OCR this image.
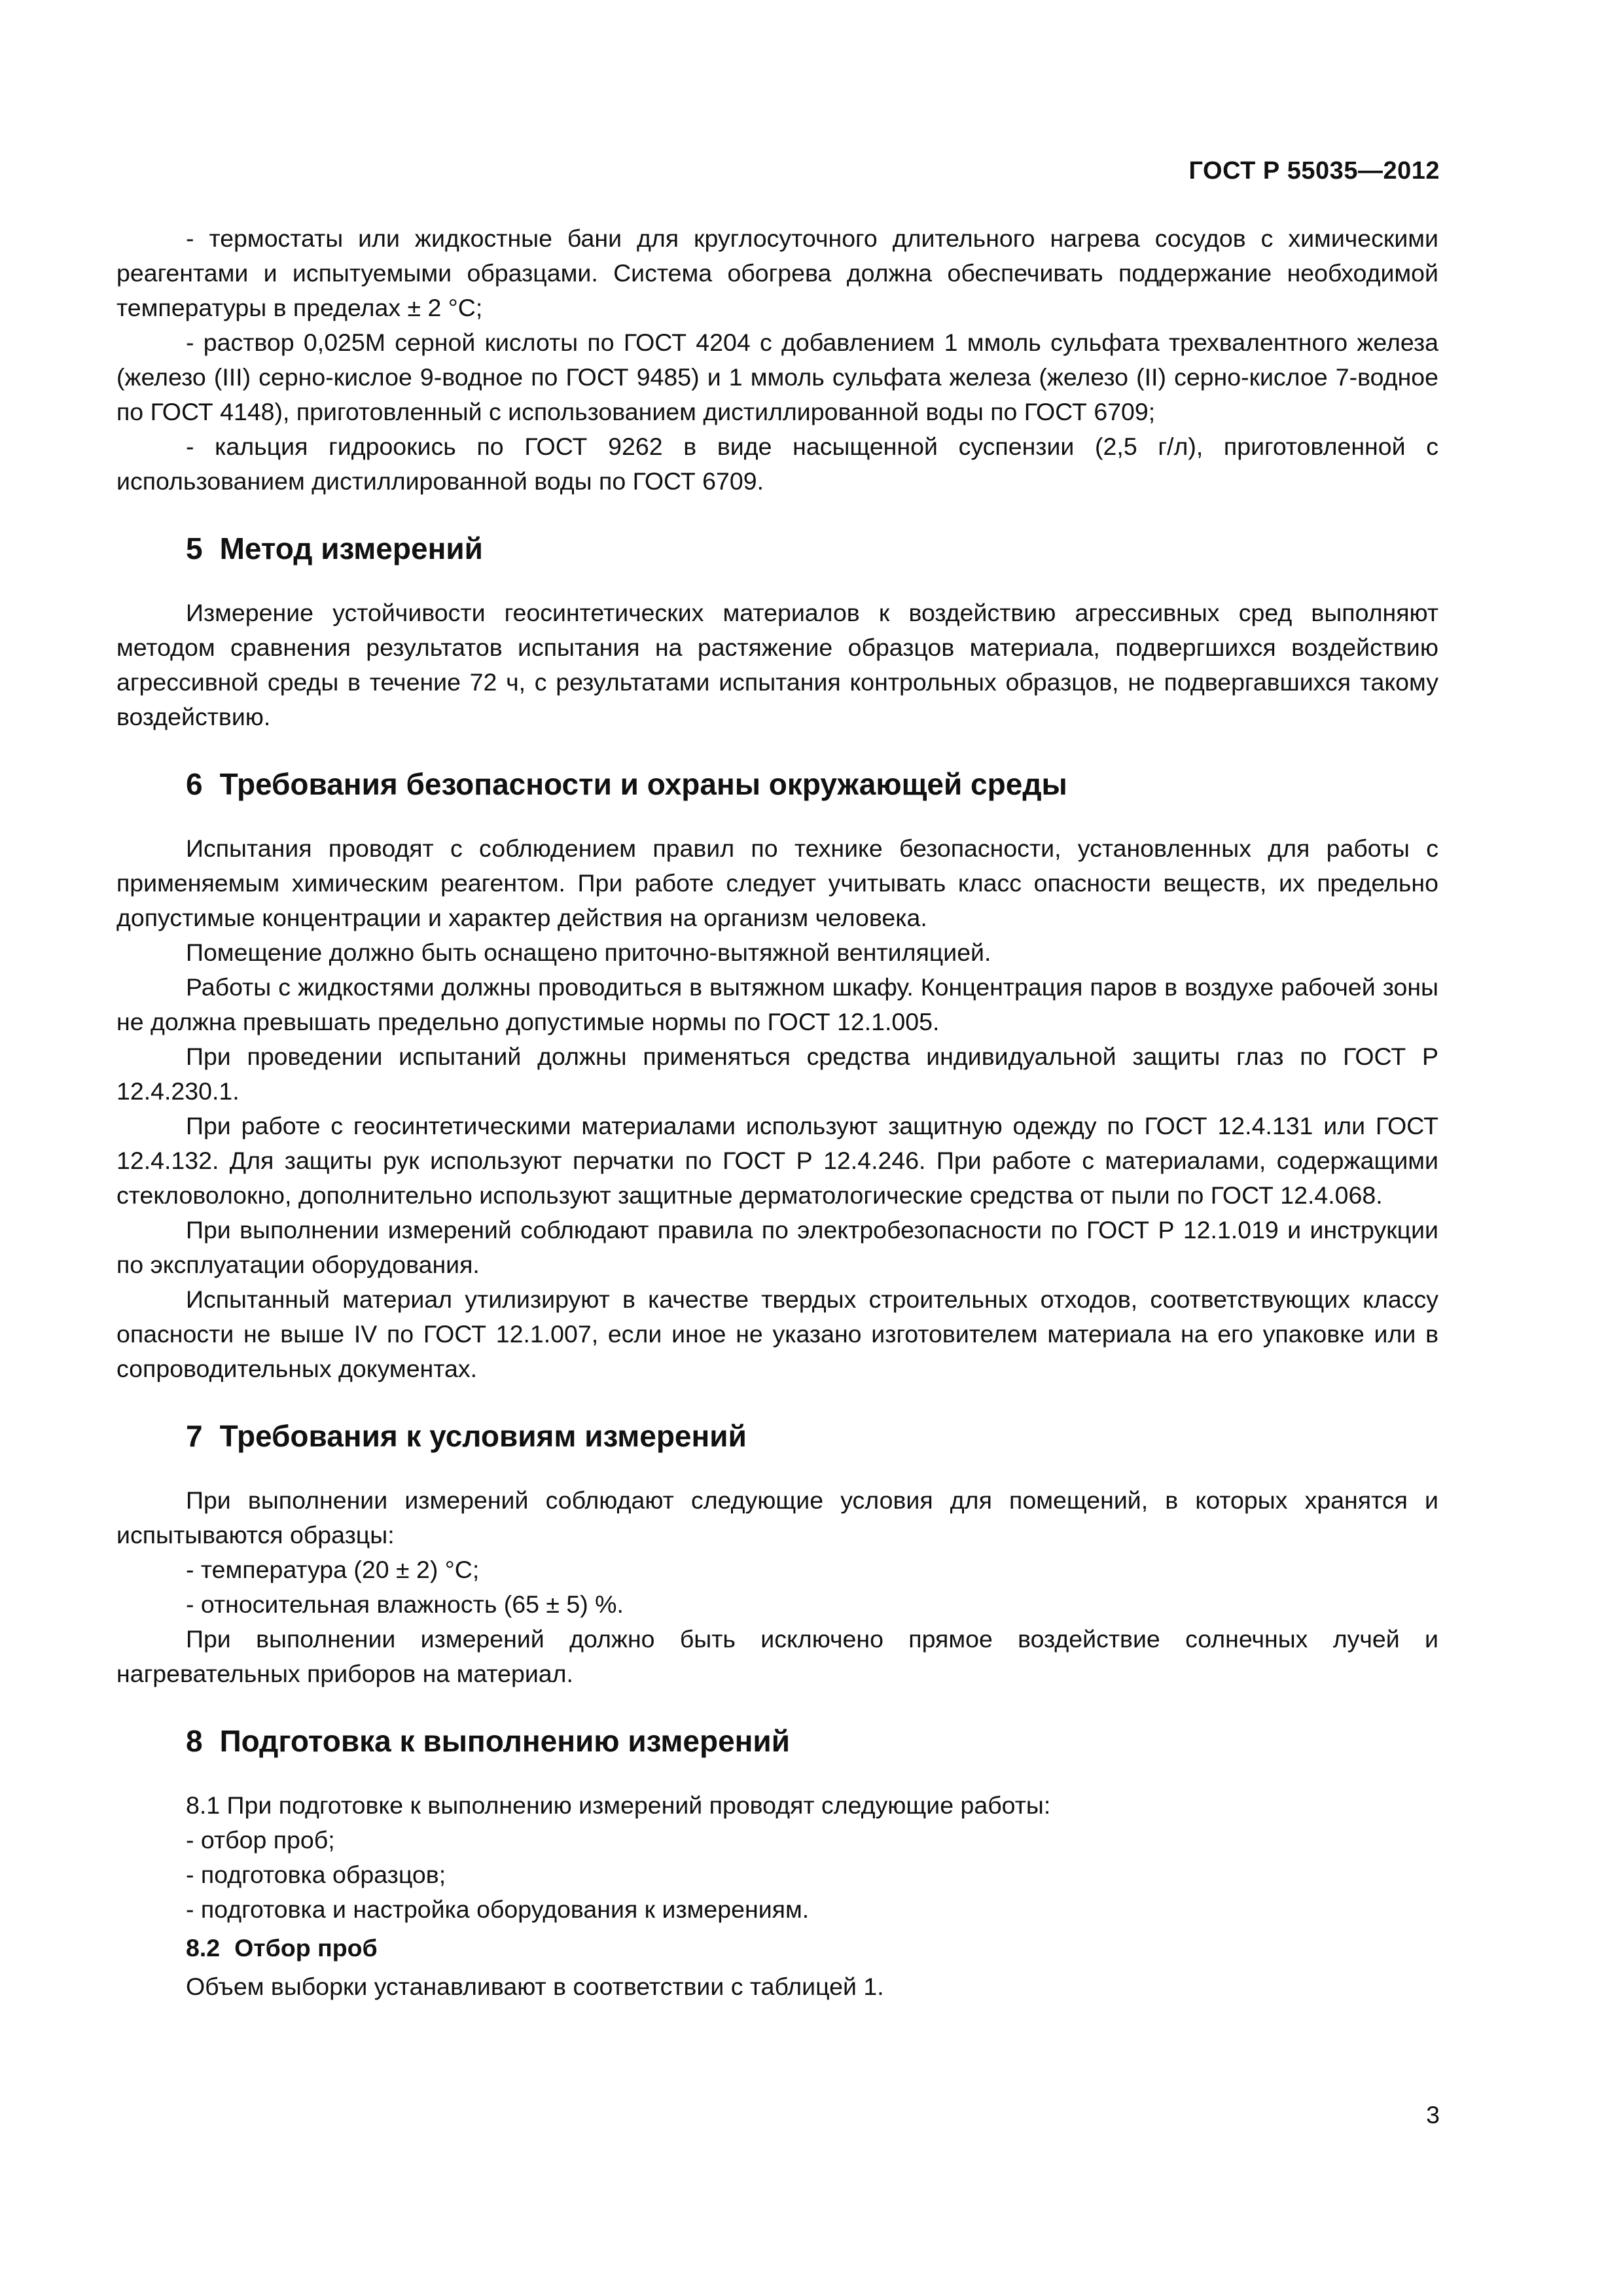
ГОСТ Р 55035—2012

- термостаты или жидкостные бани для круглосуточного длительного нагрева сосудов с химическими реагентами и испытуемыми образцами. Система обогрева должна обеспечивать поддержание необходимой температуры в пределах ± 2 °С;

- раствор 0,025М серной кислоты по ГОСТ 4204 с добавлением 1 ммоль сульфата трехвалентного железа (железо (III) серно-кислое 9-водное по ГОСТ 9485) и 1 ммоль сульфата железа (железо (II) серно-кислое 7-водное по ГОСТ 4148), приготовленный с использованием дистиллированной воды по ГОСТ 6709;

- кальция гидроокись по ГОСТ 9262 в виде насыщенной суспензии (2,5 г/л), приготовленной с использованием дистиллированной воды по ГОСТ 6709.

5 Метод измерений

Измерение устойчивости геосинтетических материалов к воздействию агрессивных сред выполняют методом сравнения результатов испытания на растяжение образцов материала, подвергшихся воздействию агрессивной среды в течение 72 ч, с результатами испытания контрольных образцов, не подвергавшихся такому воздействию.

6 Требования безопасности и охраны окружающей среды

Испытания проводят с соблюдением правил по технике безопасности, установленных для работы с применяемым химическим реагентом. При работе следует учитывать класс опасности веществ, их предельно допустимые концентрации и характер действия на организм человека.

Помещение должно быть оснащено приточно-вытяжной вентиляцией.

Работы с жидкостями должны проводиться в вытяжном шкафу. Концентрация паров в воздухе рабочей зоны не должна превышать предельно допустимые нормы по ГОСТ 12.1.005.

При проведении испытаний должны применяться средства индивидуальной защиты глаз по ГОСТ Р 12.4.230.1.

При работе с геосинтетическими материалами используют защитную одежду по ГОСТ 12.4.131 или ГОСТ 12.4.132. Для защиты рук используют перчатки по ГОСТ Р 12.4.246. При работе с материалами, содержащими стекловолокно, дополнительно используют защитные дерматологические средства от пыли по ГОСТ 12.4.068.

При выполнении измерений соблюдают правила по электробезопасности по ГОСТ Р 12.1.019 и инструкции по эксплуатации оборудования.

Испытанный материал утилизируют в качестве твердых строительных отходов, соответствующих классу опасности не выше IV по ГОСТ 12.1.007, если иное не указано изготовителем материала на его упаковке или в сопроводительных документах.

7 Требования к условиям измерений

При выполнении измерений соблюдают следующие условия для помещений, в которых хранятся и испытываются образцы:

- температура (20 ± 2) °С;

- относительная влажность (65 ± 5) %.

При выполнении измерений должно быть исключено прямое воздействие солнечных лучей и нагревательных приборов на материал.

8 Подготовка к выполнению измерений

8.1 При подготовке к выполнению измерений проводят следующие работы:

- отбор проб;

- подготовка образцов;

- подготовка и настройка оборудования к измерениям.

8.2 Отбор проб

Объем выборки устанавливают в соответствии с таблицей 1.

3
